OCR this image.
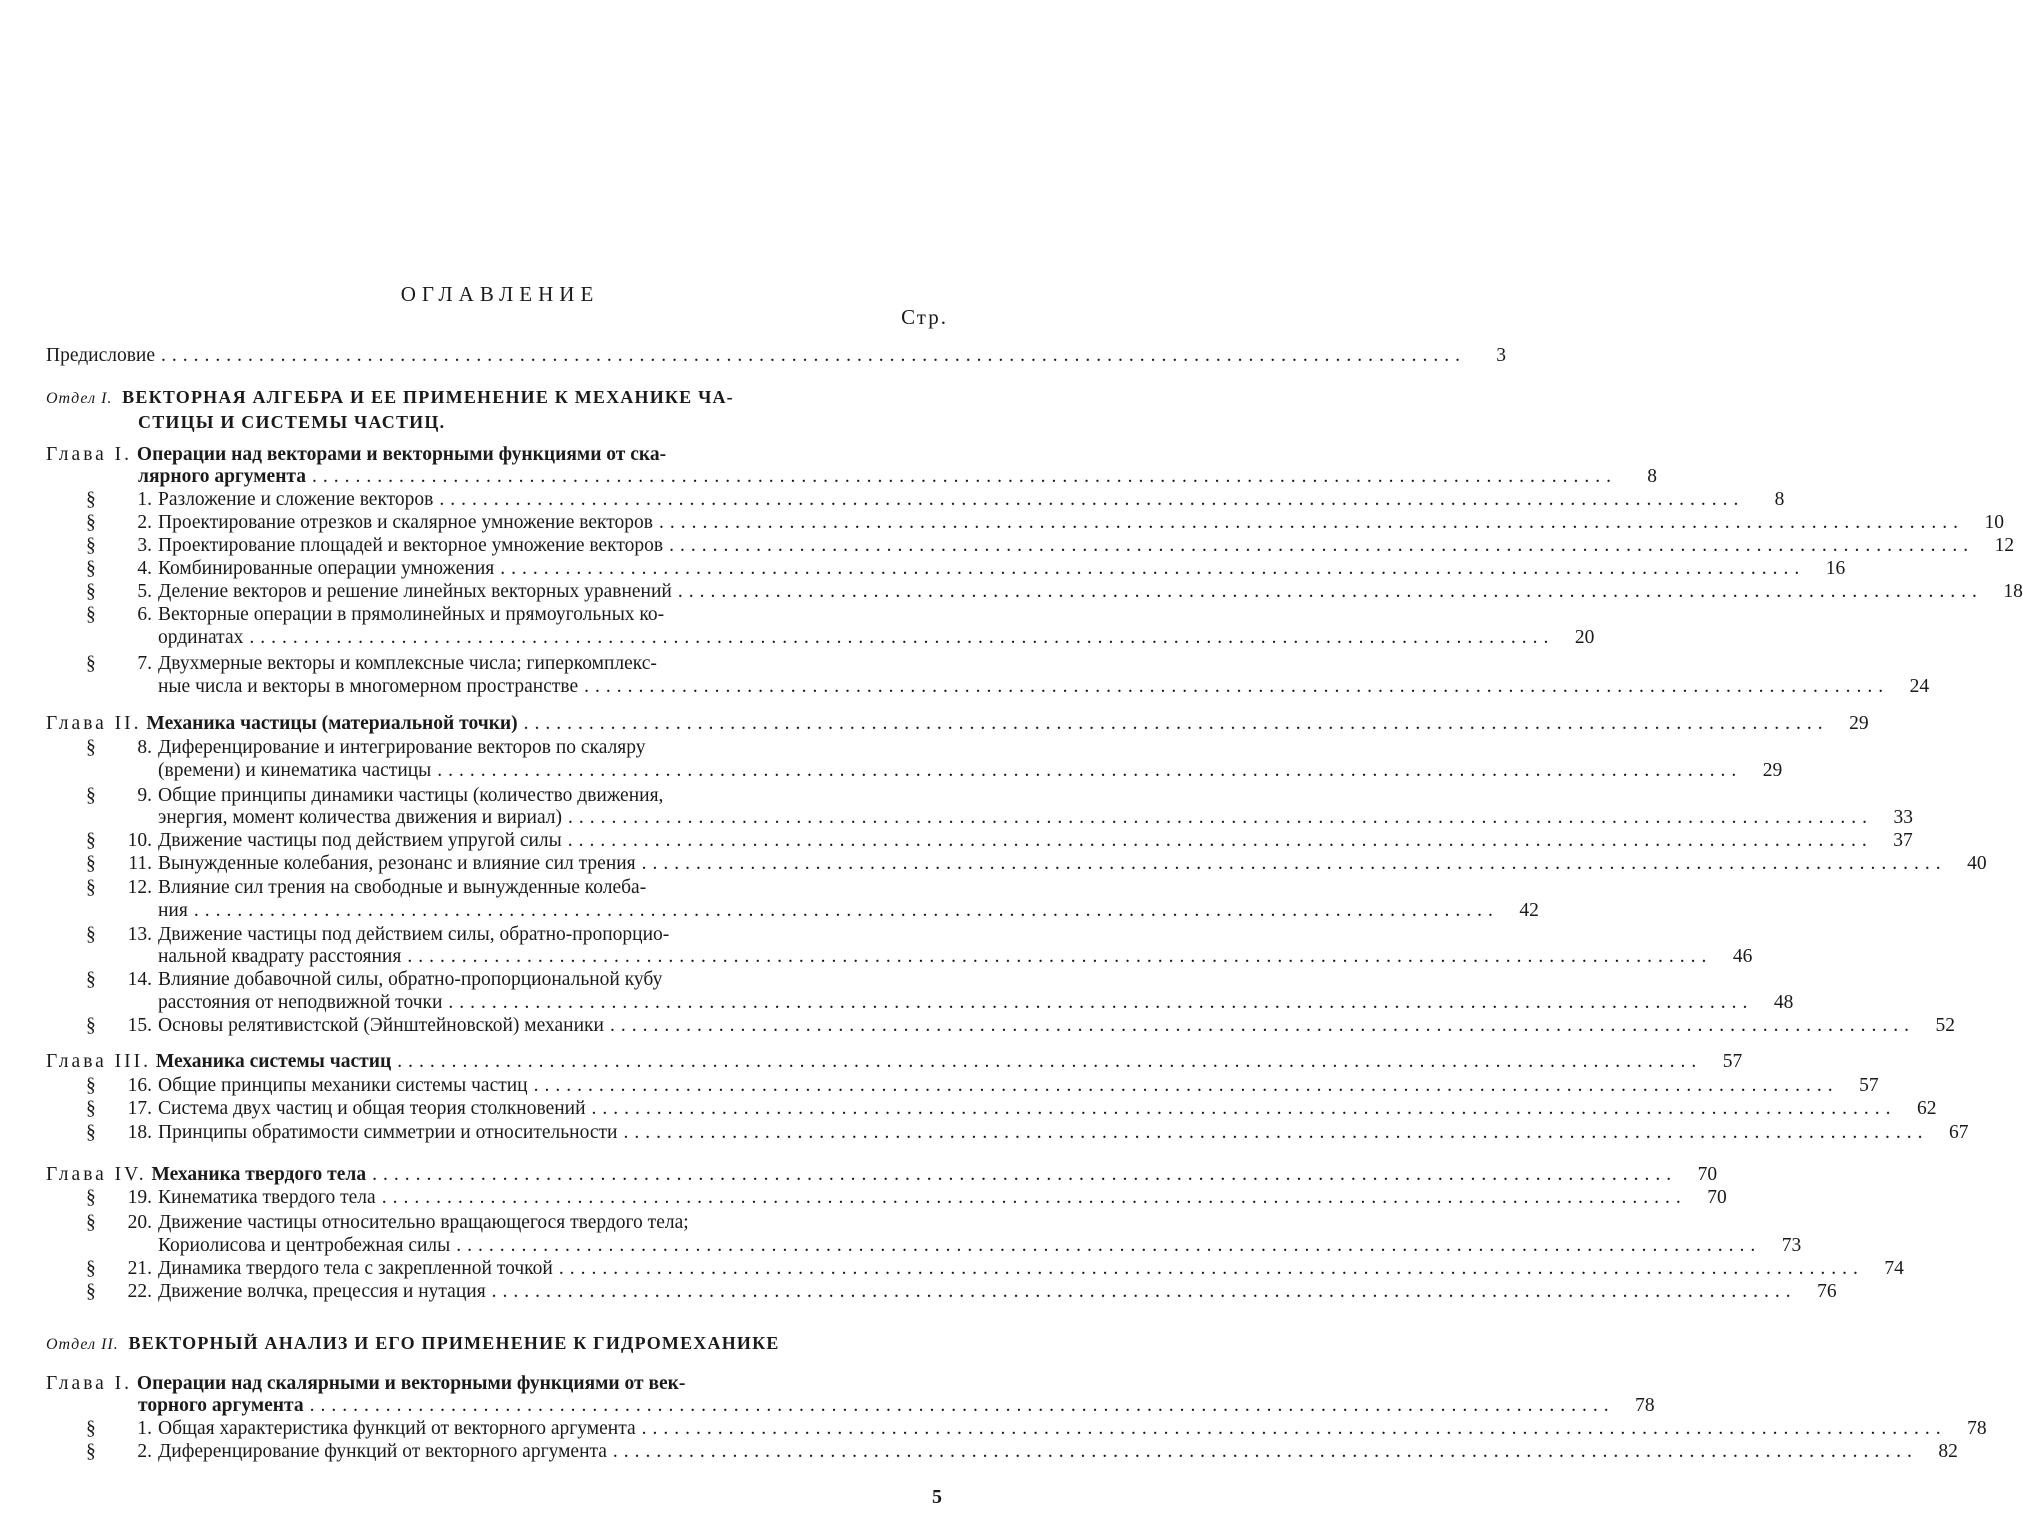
ОГЛАВЛЕНИЕ
Стр.
Предисловие ........................................................................................................................	3
Отдел I. ВЕКТОРНАЯ АЛГЕБРА И ЕЕ ПРИМЕНЕНИЕ К МЕХАНИКЕ ЧА-
СТИЦЫ И СИСТЕМЫ ЧАСТИЦ.
Глава I. Операции над векторами и векторными функциями от ска-
лярного аргумента ........................................................................................................................	8
§ 1. Разложение и сложение векторов ........................................................................................................................	8
§ 2. Проектирование отрезков и скалярное умножение векторов ........................................................................................................................	10
§ 3. Проектирование площадей и векторное умножение векторов ........................................................................................................................	12
§ 4. Комбинированные операции умножения ........................................................................................................................	16
§ 5. Деление векторов и решение линейных векторных уравнений ........................................................................................................................	18
§ 6. Векторные операции в прямолинейных и прямоугольных ко-
ординатах ........................................................................................................................	20
§ 7. Двухмерные векторы и комплексные числа; гиперкомплекс-
ные числа и векторы в многомерном пространстве ........................................................................................................................	24
Глава II. Механика частицы (материальной точки) ........................................................................................................................	29
§ 8. Диференцирование и интегрирование векторов по скаляру
(времени) и кинематика частицы ........................................................................................................................	29
§ 9. Общие принципы динамики частицы (количество движения,
энергия, момент количества движения и вириал) ........................................................................................................................	33
§ 10. Движение частицы под действием упругой силы ........................................................................................................................	37
§ 11. Вынужденные колебания, резонанс и влияние сил трения ........................................................................................................................	40
§ 12. Влияние сил трения на свободные и вынужденные колеба-
ния ........................................................................................................................	42
§ 13. Движение частицы под действием силы, обратно-пропорцио-
нальной квадрату расстояния ........................................................................................................................	46
§ 14. Влияние добавочной силы, обратно-пропорциональной кубу
расстояния от неподвижной точки ........................................................................................................................	48
§ 15. Основы релятивистской (Эйнштейновской) механики ........................................................................................................................	52
Глава III. Механика системы частиц ........................................................................................................................	57
§ 16. Общие принципы механики системы частиц ........................................................................................................................	57
§ 17. Система двух частиц и общая теория столкновений ........................................................................................................................	62
§ 18. Принципы обратимости симметрии и относительности ........................................................................................................................	67
Глава IV. Механика твердого тела ........................................................................................................................	70
§ 19. Кинематика твердого тела ........................................................................................................................	70
§ 20. Движение частицы относительно вращающегося твердого тела;
Кориолисова и центробежная силы ........................................................................................................................	73
§ 21. Динамика твердого тела с закрепленной точкой ........................................................................................................................	74
§ 22. Движение волчка, прецессия и нутация ........................................................................................................................	76
Отдел II. ВЕКТОРНЫЙ АНАЛИЗ И ЕГО ПРИМЕНЕНИЕ К ГИДРОМЕХАНИКЕ
Глава I. Операции над скалярными и векторными функциями от век-
торного аргумента ........................................................................................................................	78
§ 1. Общая характеристика функций от векторного аргумента ........................................................................................................................	78
§ 2. Диференцирование функций от векторного аргумента ........................................................................................................................	82
5
